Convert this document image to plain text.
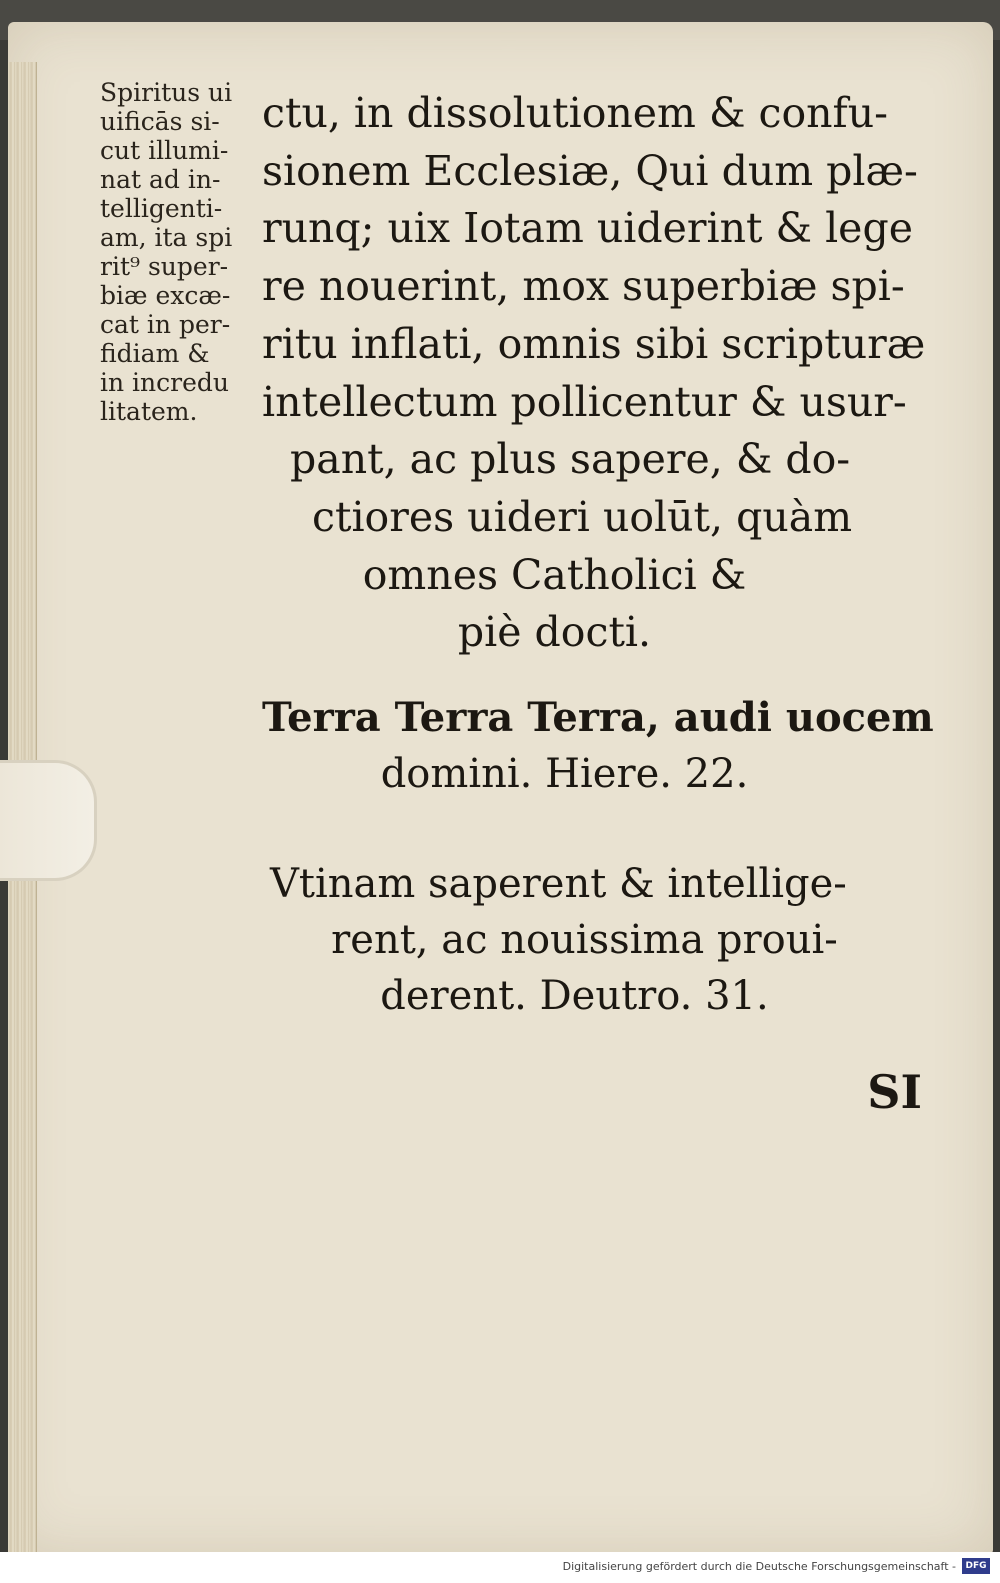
Spiritus ui
uificās si-
cut illumi-
nat ad in-
telligenti-
am, ita spi
rit⁹ super-
biæ excæ-
cat in per-
fidiam &
in incredu
litatem.

ctu, in dissolutionem & confu-
sionem Ecclesiæ, Qui dum plæ-
runq; uix Iotam uiderint & lege
re nouerint, mox superbiæ spi-
ritu inflati, omnis sibi scripturæ
intellectum pollicentur & usur-
pant, ac plus sapere, & do-
ctiores uideri uolūt, quàm
omnes Catholici &
piè docti.
Terra Terra Terra, audi uocem
domini. Hiere. 22.
Vtinam saperent & intellige-
rent, ac nouissima proui-
derent. Deutro. 31.
SI
Digitalisierung gefördert durch die Deutsche Forschungsgemeinschaft -	DFG
